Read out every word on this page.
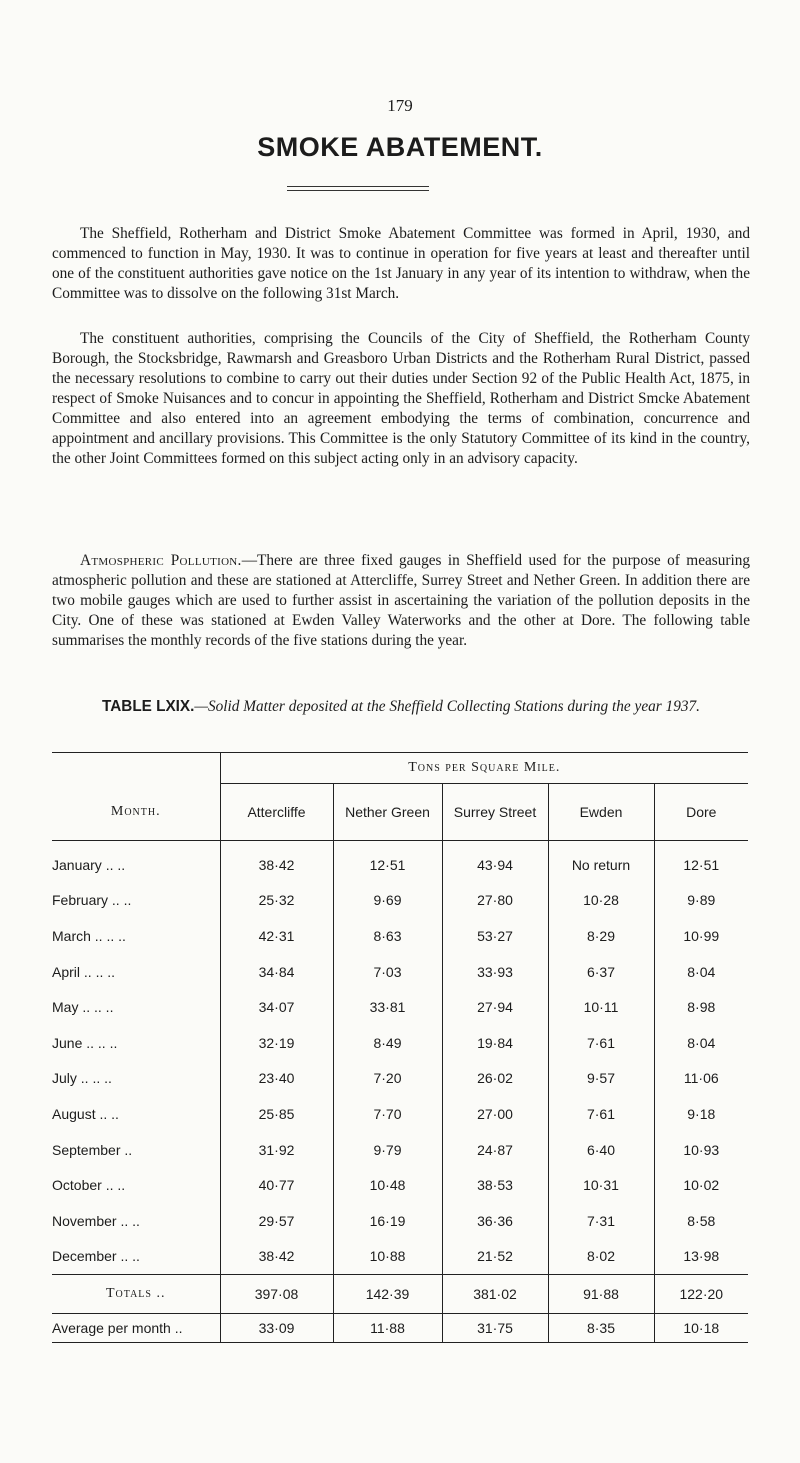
179
SMOKE ABATEMENT.

The Sheffield, Rotherham and District Smoke Abatement Committee was formed in April, 1930, and commenced to function in May, 1930. It was to continue in operation for five years at least and thereafter until one of the constituent authorities gave notice on the 1st January in any year of its intention to withdraw, when the Committee was to dissolve on the following 31st March.

The constituent authorities, comprising the Councils of the City of Sheffield, the Rotherham County Borough, the Stocksbridge, Rawmarsh and Greasboro Urban Districts and the Rotherham Rural District, passed the necessary resolutions to combine to carry out their duties under Section 92 of the Public Health Act, 1875, in respect of Smoke Nuisances and to concur in appointing the Sheffield, Rotherham and District Smcke Abatement Committee and also entered into an agreement embodying the terms of combination, concurrence and appointment and ancillary provisions. This Committee is the only Statutory Committee of its kind in the country, the other Joint Committees formed on this subject acting only in an advisory capacity.

Atmospheric Pollution.—There are three fixed gauges in Sheffield used for the purpose of measuring atmospheric pollution and these are stationed at Attercliffe, Surrey Street and Nether Green. In addition there are two mobile gauges which are used to further assist in ascertaining the variation of the pollution deposits in the City. One of these was stationed at Ewden Valley Waterworks and the other at Dore. The following table summarises the monthly records of the five stations during the year.

TABLE LXIX.—Solid Matter deposited at the Sheffield Collecting Stations during the year 1937.

	Tons per Square Mile.				
Month.	Attercliffe	Nether Green	Surrey Street	Ewden	Dore
January .. ..	38·42	12·51	43·94	No return	12·51
February .. ..	25·32	9·69	27·80	10·28	9·89
March .. .. ..	42·31	8·63	53·27	8·29	10·99
April .. .. ..	34·84	7·03	33·93	6·37	8·04
May .. .. ..	34·07	33·81	27·94	10·11	8·98
June .. .. ..	32·19	8·49	19·84	7·61	8·04
July .. .. ..	23·40	7·20	26·02	9·57	11·06
August .. ..	25·85	7·70	27·00	7·61	9·18
September ..	31·92	9·79	24·87	6·40	10·93
October .. ..	40·77	10·48	38·53	10·31	10·02
November .. ..	29·57	16·19	36·36	7·31	8·58
December .. ..	38·42	10·88	21·52	8·02	13·98
Totals ..	397·08	142·39	381·02	91·88	122·20
Average per month ..	33·09	11·88	31·75	8·35	10·18
